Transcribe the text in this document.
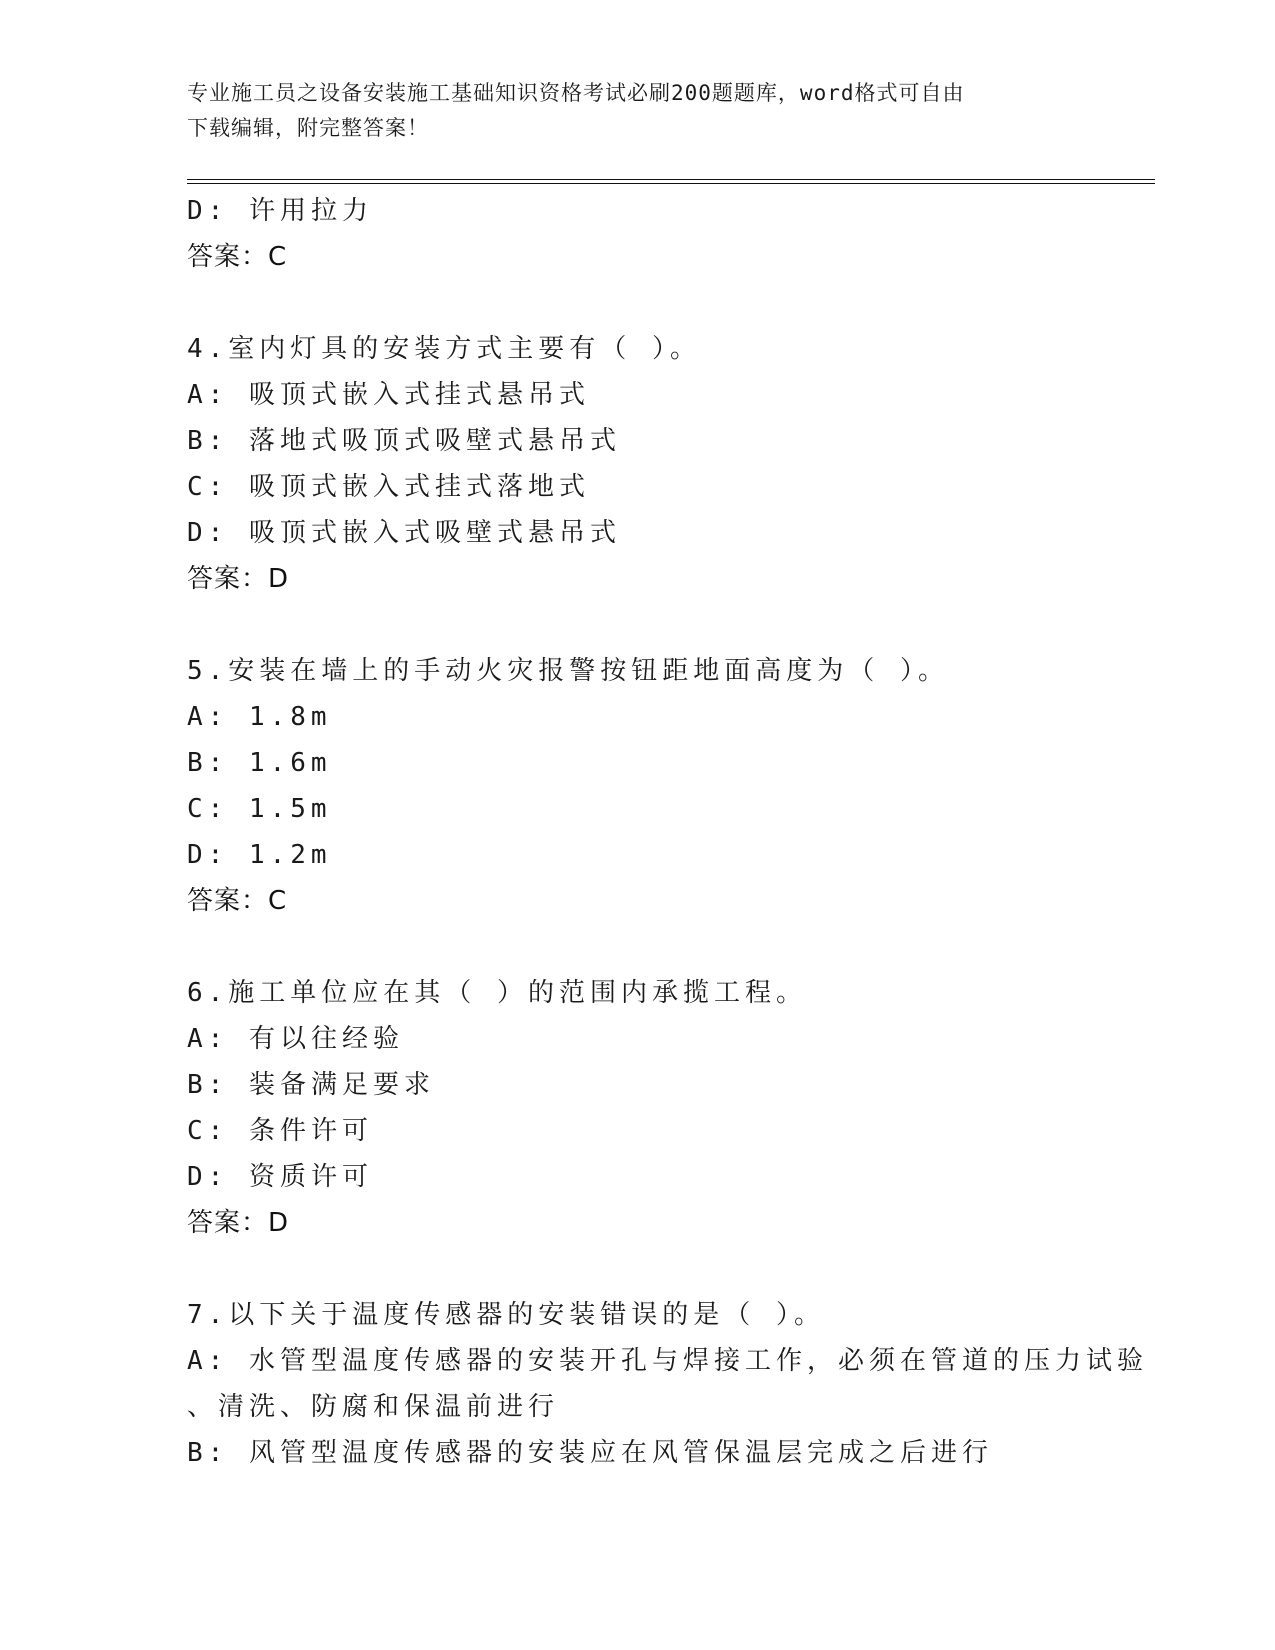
专业施工员之设备安装施工基础知识资格考试必刷200题题库，word格式可自由
下载编辑，附完整答案！
D: 许用拉力
答案：C
4.室内灯具的安装方式主要有（ ）。
A: 吸顶式嵌入式挂式悬吊式
B: 落地式吸顶式吸壁式悬吊式
C: 吸顶式嵌入式挂式落地式
D: 吸顶式嵌入式吸壁式悬吊式
答案：D
5.安装在墙上的手动火灾报警按钮距地面高度为（ ）。
A: 1.8m
B: 1.6m
C: 1.5m
D: 1.2m
答案：C
6.施工单位应在其（ ）的范围内承揽工程。
A: 有以往经验
B: 装备满足要求
C: 条件许可
D: 资质许可
答案：D
7.以下关于温度传感器的安装错误的是（ ）。
A: 水管型温度传感器的安装开孔与焊接工作，必须在管道的压力试验
、清洗、防腐和保温前进行
B: 风管型温度传感器的安装应在风管保温层完成之后进行
